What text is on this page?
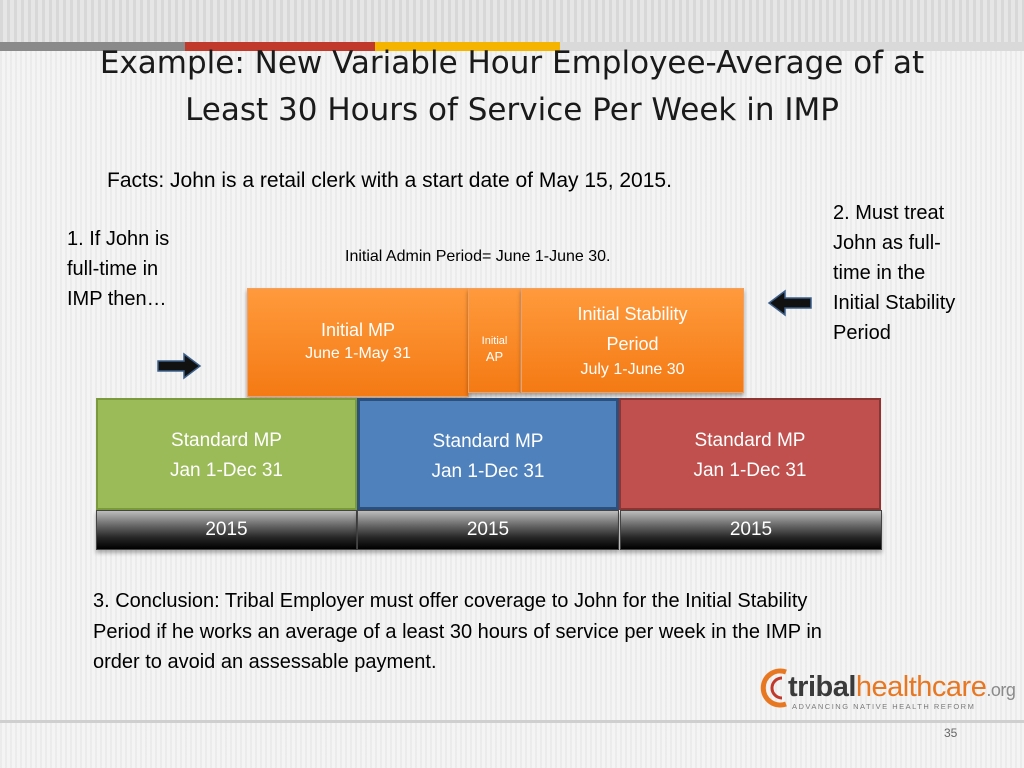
Example: New Variable Hour Employee-Average of at
Least 30 Hours of Service Per Week in IMP
Facts: John is a retail clerk with a start date of May 15, 2015.
1. If John is full-time in IMP then…
2. Must treat John as full-time in the Initial Stability Period
Initial Admin Period= June 1-June 30.
Initial MP
June 1-May 31
Initial
AP
Initial Stability
Period
July 1-June 30
Standard MP
Jan 1-Dec 31
Standard MP
Jan 1-Dec 31
Standard MP
Jan 1-Dec 31
2015	2015	2015
3. Conclusion: Tribal Employer must offer coverage to John for the Initial Stability Period if he works an average of a least 30 hours of service per week in the IMP in order to avoid an assessable payment.
tribalhealthcare.org
ADVANCING NATIVE HEALTH REFORM
35
